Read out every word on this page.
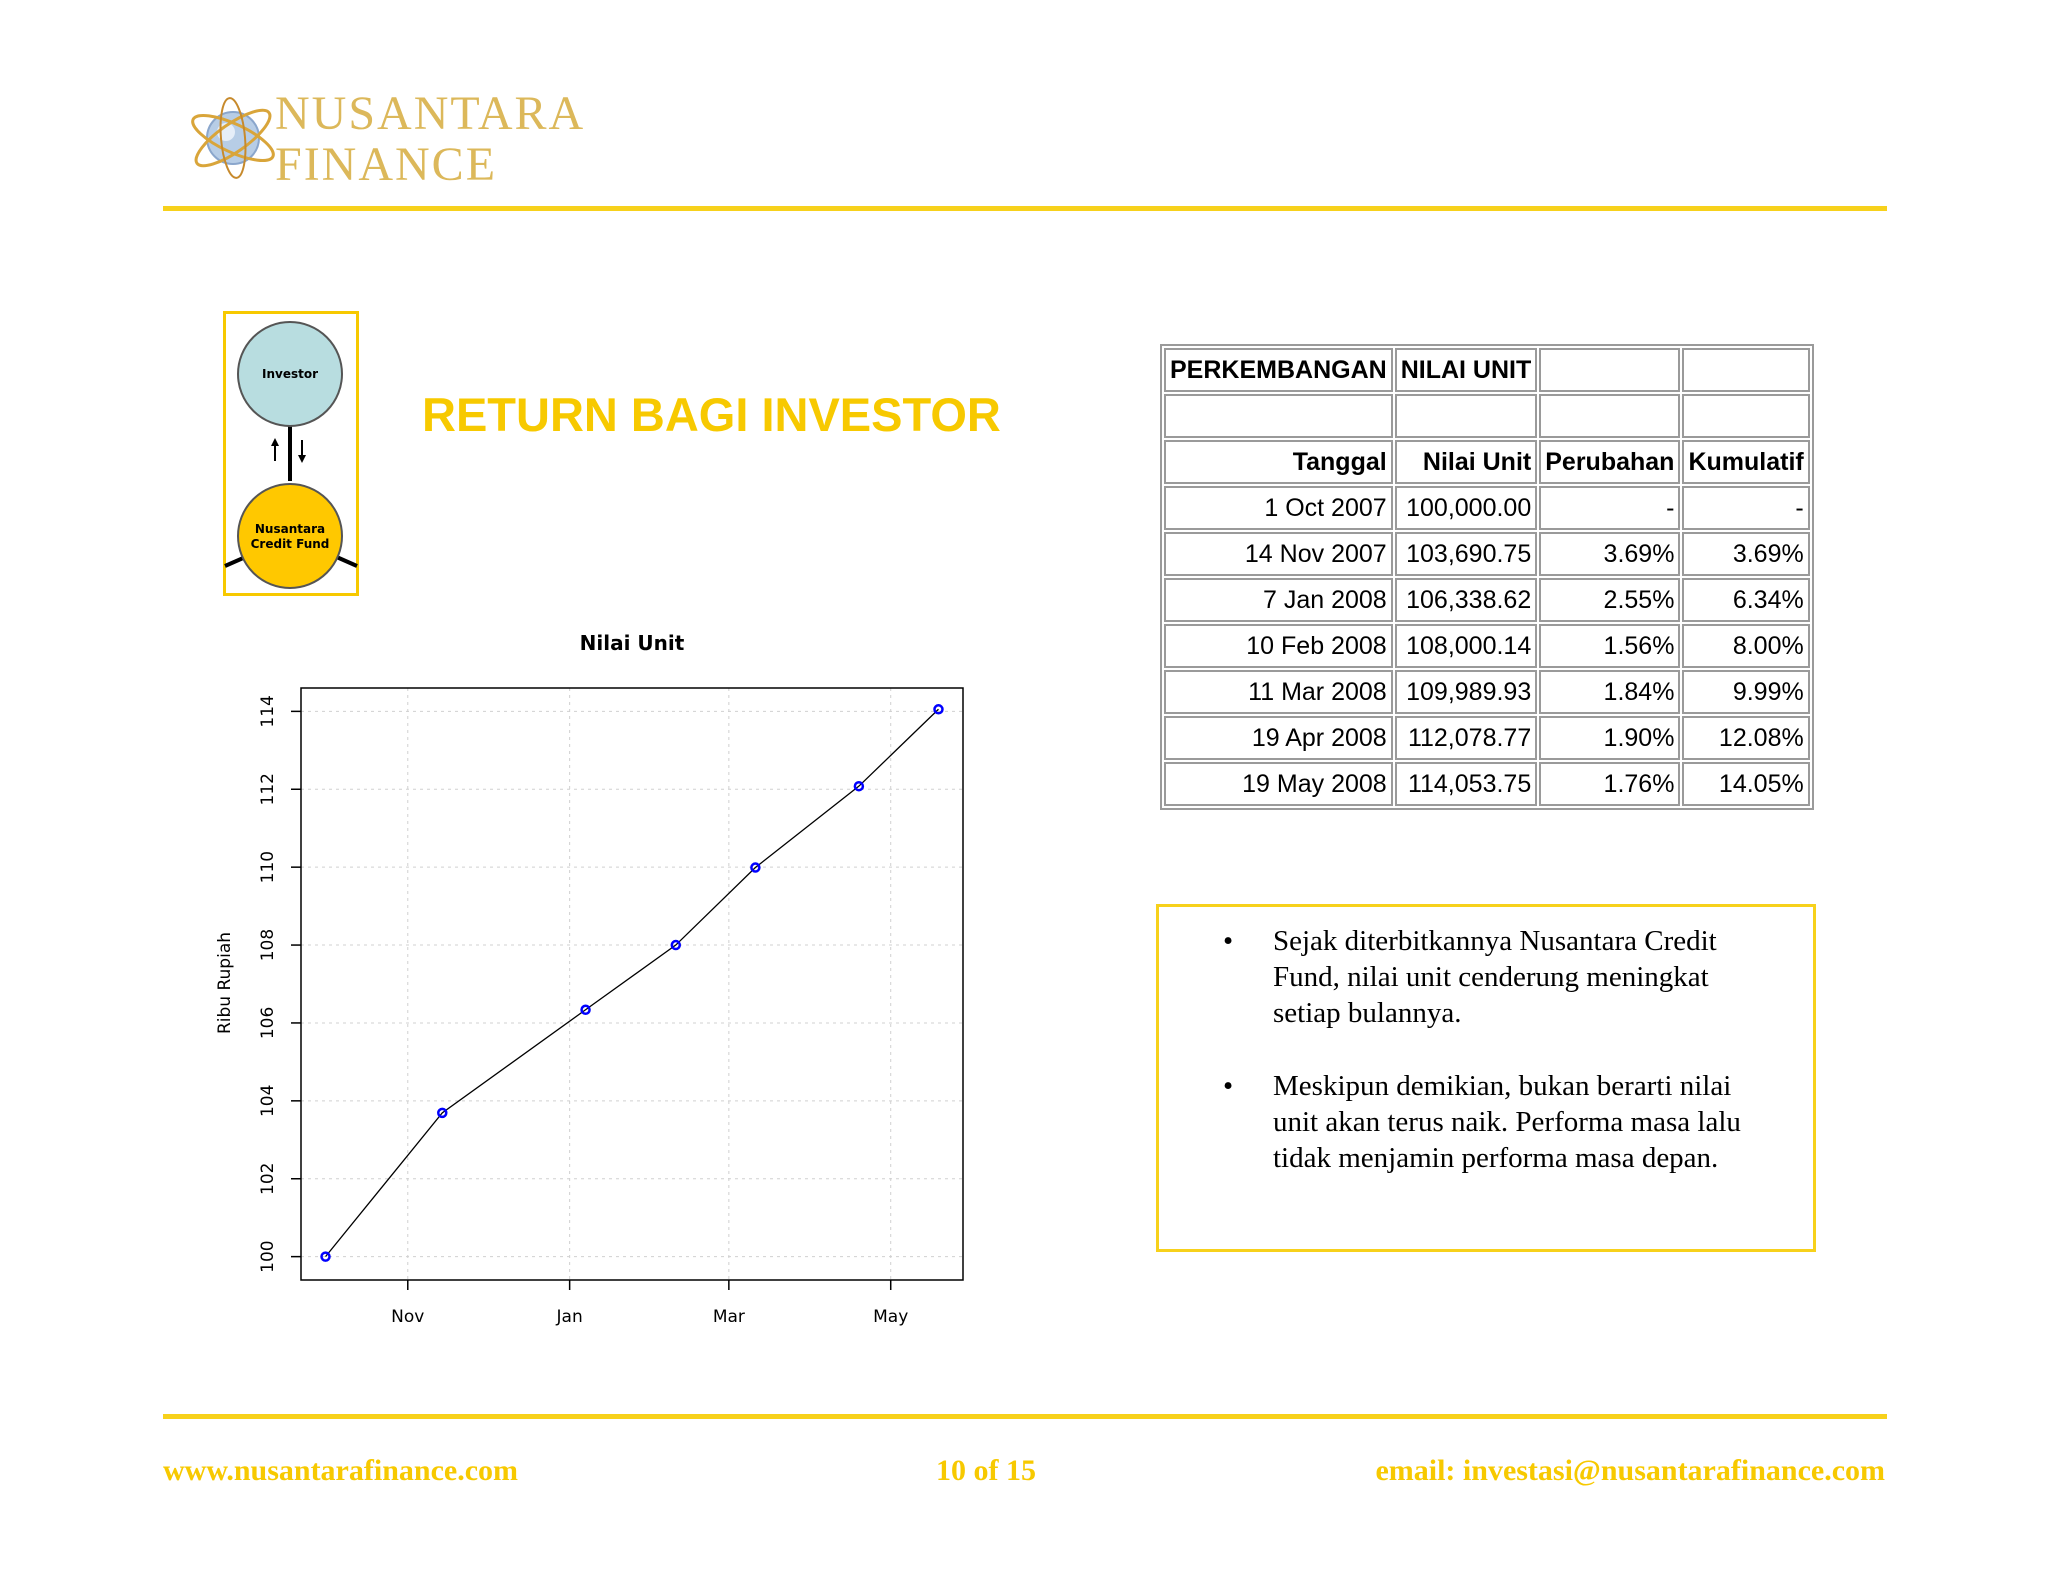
NUSANTARA
FINANCE
Investor
Nusantara
Credit Fund
RETURN BAGI INVESTOR
Nilai Unit
Ribu Rupiah
100
102
104
106
108
110
112
114
Nov	Jan	Mar	May
PERKEMBANGAN	NILAI UNIT		

Tanggal	Nilai Unit	Perubahan	Kumulatif
1 Oct 2007	100,000.00	-	-
14 Nov 2007	103,690.75	3.69%	3.69%
7 Jan 2008	106,338.62	2.55%	6.34%
10 Feb 2008	108,000.14	1.56%	8.00%
11 Mar 2008	109,989.93	1.84%	9.99%
19 Apr 2008	112,078.77	1.90%	12.08%
19 May 2008	114,053.75	1.76%	14.05%
• Sejak diterbitkannya Nusantara Credit
Fund, nilai unit cenderung meningkat
setiap bulannya.
• Meskipun demikian, bukan berarti nilai
unit akan terus naik. Performa masa lalu
tidak menjamin performa masa depan.
www.nusantarafinance.com	10 of 15	email: investasi@nusantarafinance.com
